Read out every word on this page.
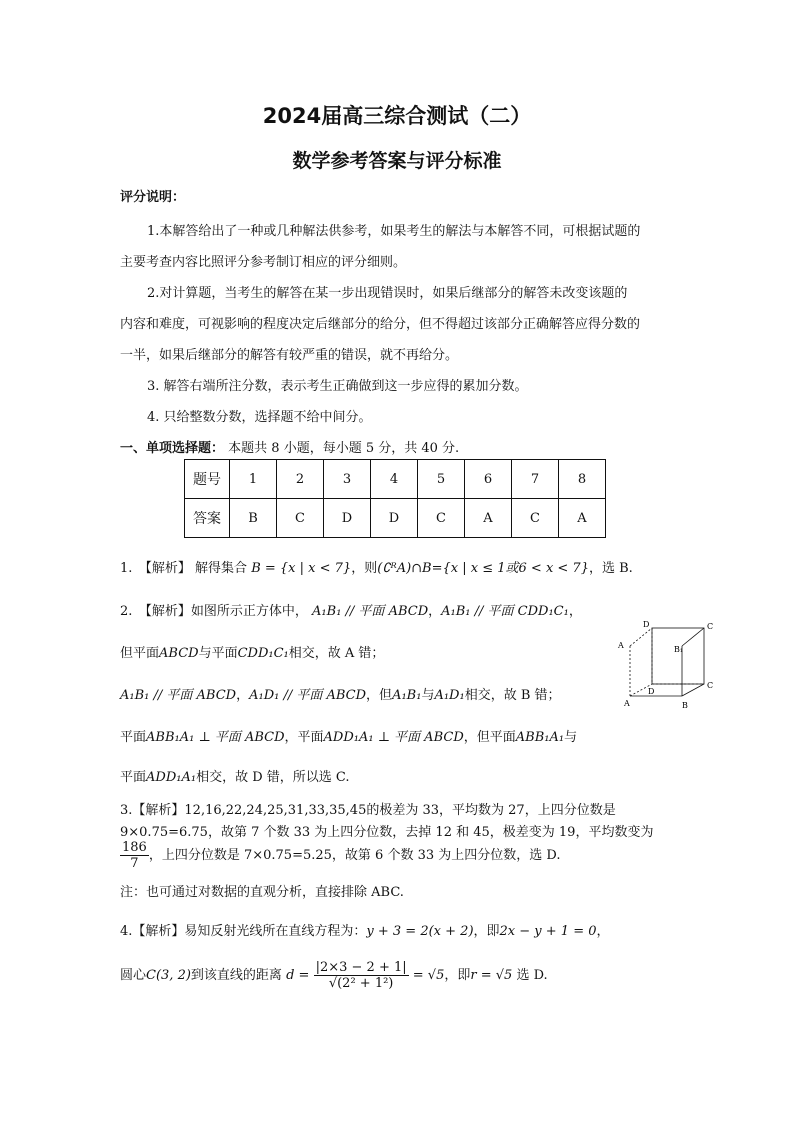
2024届高三综合测试（二）
数学参考答案与评分标准
评分说明：
1.本解答给出了一种或几种解法供参考，如果考生的解法与本解答不同，可根据试题的
主要考查内容比照评分参考制订相应的评分细则。
2.对计算题，当考生的解答在某一步出现错误时，如果后继部分的解答未改变该题的
内容和难度，可视影响的程度决定后继部分的给分，但不得超过该部分正确解答应得分数的
一半，如果后继部分的解答有较严重的错误，就不再给分。
3. 解答右端所注分数，表示考生正确做到这一步应得的累加分数。
4. 只给整数分数，选择题不给中间分。
一、单项选择题： 本题共 8 小题，每小题 5 分，共 40 分.
题号	1	2	3	4	5	6	7	8
答案	B	C	D	D	C	A	C	A
1.　【解析】 解得集合 B = {x | x < 7}，则(∁ᴿA)∩B={x | x ≤ 1或6 < x < 7}，选 B.
2.　【解析】如图所示正方体中， A₁B₁ // 平面 ABCD，A₁B₁ // 平面 CDD₁C₁，
但平面ABCD与平面CDD₁C₁相交，故 A 错；
A₁B₁ // 平面 ABCD，A₁D₁ // 平面 ABCD，但A₁B₁与A₁D₁相交，故 B 错；
平面ABB₁A₁ ⊥ 平面 ABCD，平面ADD₁A₁ ⊥ 平面 ABCD，但平面ABB₁A₁与
平面ADD₁A₁相交，故 D 错，所以选 C.
D	C
A	B₁
D
C
A	B
3.【解析】12,16,22,24,25,31,33,35,45的极差为 33，平均数为 27，上四分位数是
9×0.75=6.75，故第 7 个数 33 为上四分位数，去掉 12 和 45，极差变为 19，平均数变为
$\frac{186}{7}$ ，上四分位数是 7×0.75=5.25，故第 6 个数 33 为上四分位数，选 D.
注：也可通过对数据的直观分析，直接排除 ABC.
4.【解析】易知反射光线所在直线方程为：y + 3 = 2(x + 2)，即2x − y + 1 = 0，
圆心C(3, 2)到该直线的距离 $d = \frac{|2\times 3 - 2 + 1|}{\text{√(2² + 1²)}} = √5$，即r = √5 选 D.
